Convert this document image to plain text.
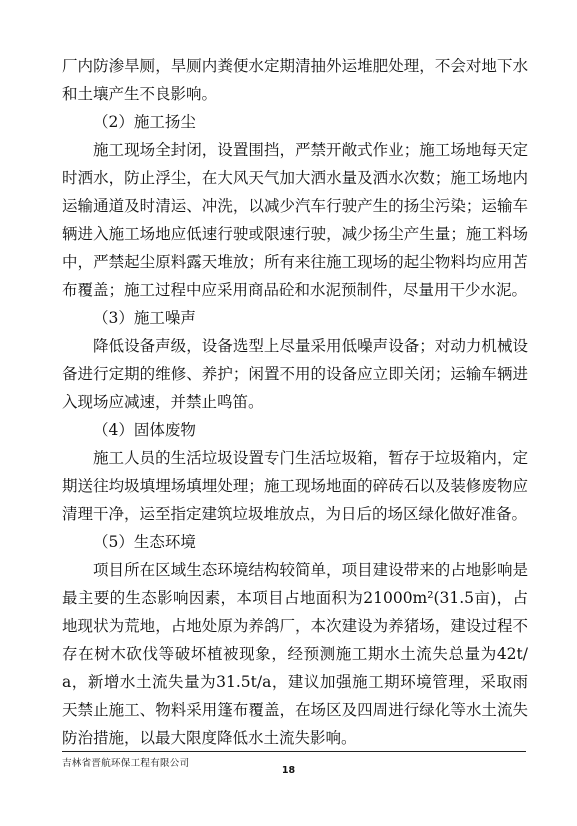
厂内防渗旱厕，旱厕内粪便水定期清抽外运堆肥处理，不会对地下水和土壤产生不良影响。

（2）施工扬尘

施工现场全封闭，设置围挡，严禁开敞式作业；施工场地每天定时洒水，防止浮尘，在大风天气加大洒水量及洒水次数；施工场地内运输通道及时清运、冲洗，以减少汽车行驶产生的扬尘污染；运输车辆进入施工场地应低速行驶或限速行驶，减少扬尘产生量；施工料场中，严禁起尘原料露天堆放；所有来往施工现场的起尘物料均应用苫布覆盖；施工过程中应采用商品砼和水泥预制件，尽量用干少水泥。

（3）施工噪声

降低设备声级，设备选型上尽量采用低噪声设备；对动力机械设备进行定期的维修、养护；闲置不用的设备应立即关闭；运输车辆进入现场应减速，并禁止鸣笛。

（4）固体废物

施工人员的生活垃圾设置专门生活垃圾箱，暂存于垃圾箱内，定期送往均圾填埋场填埋处理；施工现场地面的碎砖石以及装修废物应清理干净，运至指定建筑垃圾堆放点，为日后的场区绿化做好准备。

（5）生态环境

项目所在区域生态环境结构较简单，项目建设带来的占地影响是最主要的生态影响因素，本项目占地面积为21000m²(31.5亩)，占地现状为荒地，占地处原为养鸽厂，本次建设为养猪场，建设过程不存在树木砍伐等破坏植被现象，经预测施工期水土流失总量为42t/a，新增水土流失量为31.5t/a，建议加强施工期环境管理，采取雨天禁止施工、物料采用篷布覆盖，在场区及四周进行绿化等水土流失防治措施，以最大限度降低水土流失影响。

吉林省晋航环保工程有限公司
18
